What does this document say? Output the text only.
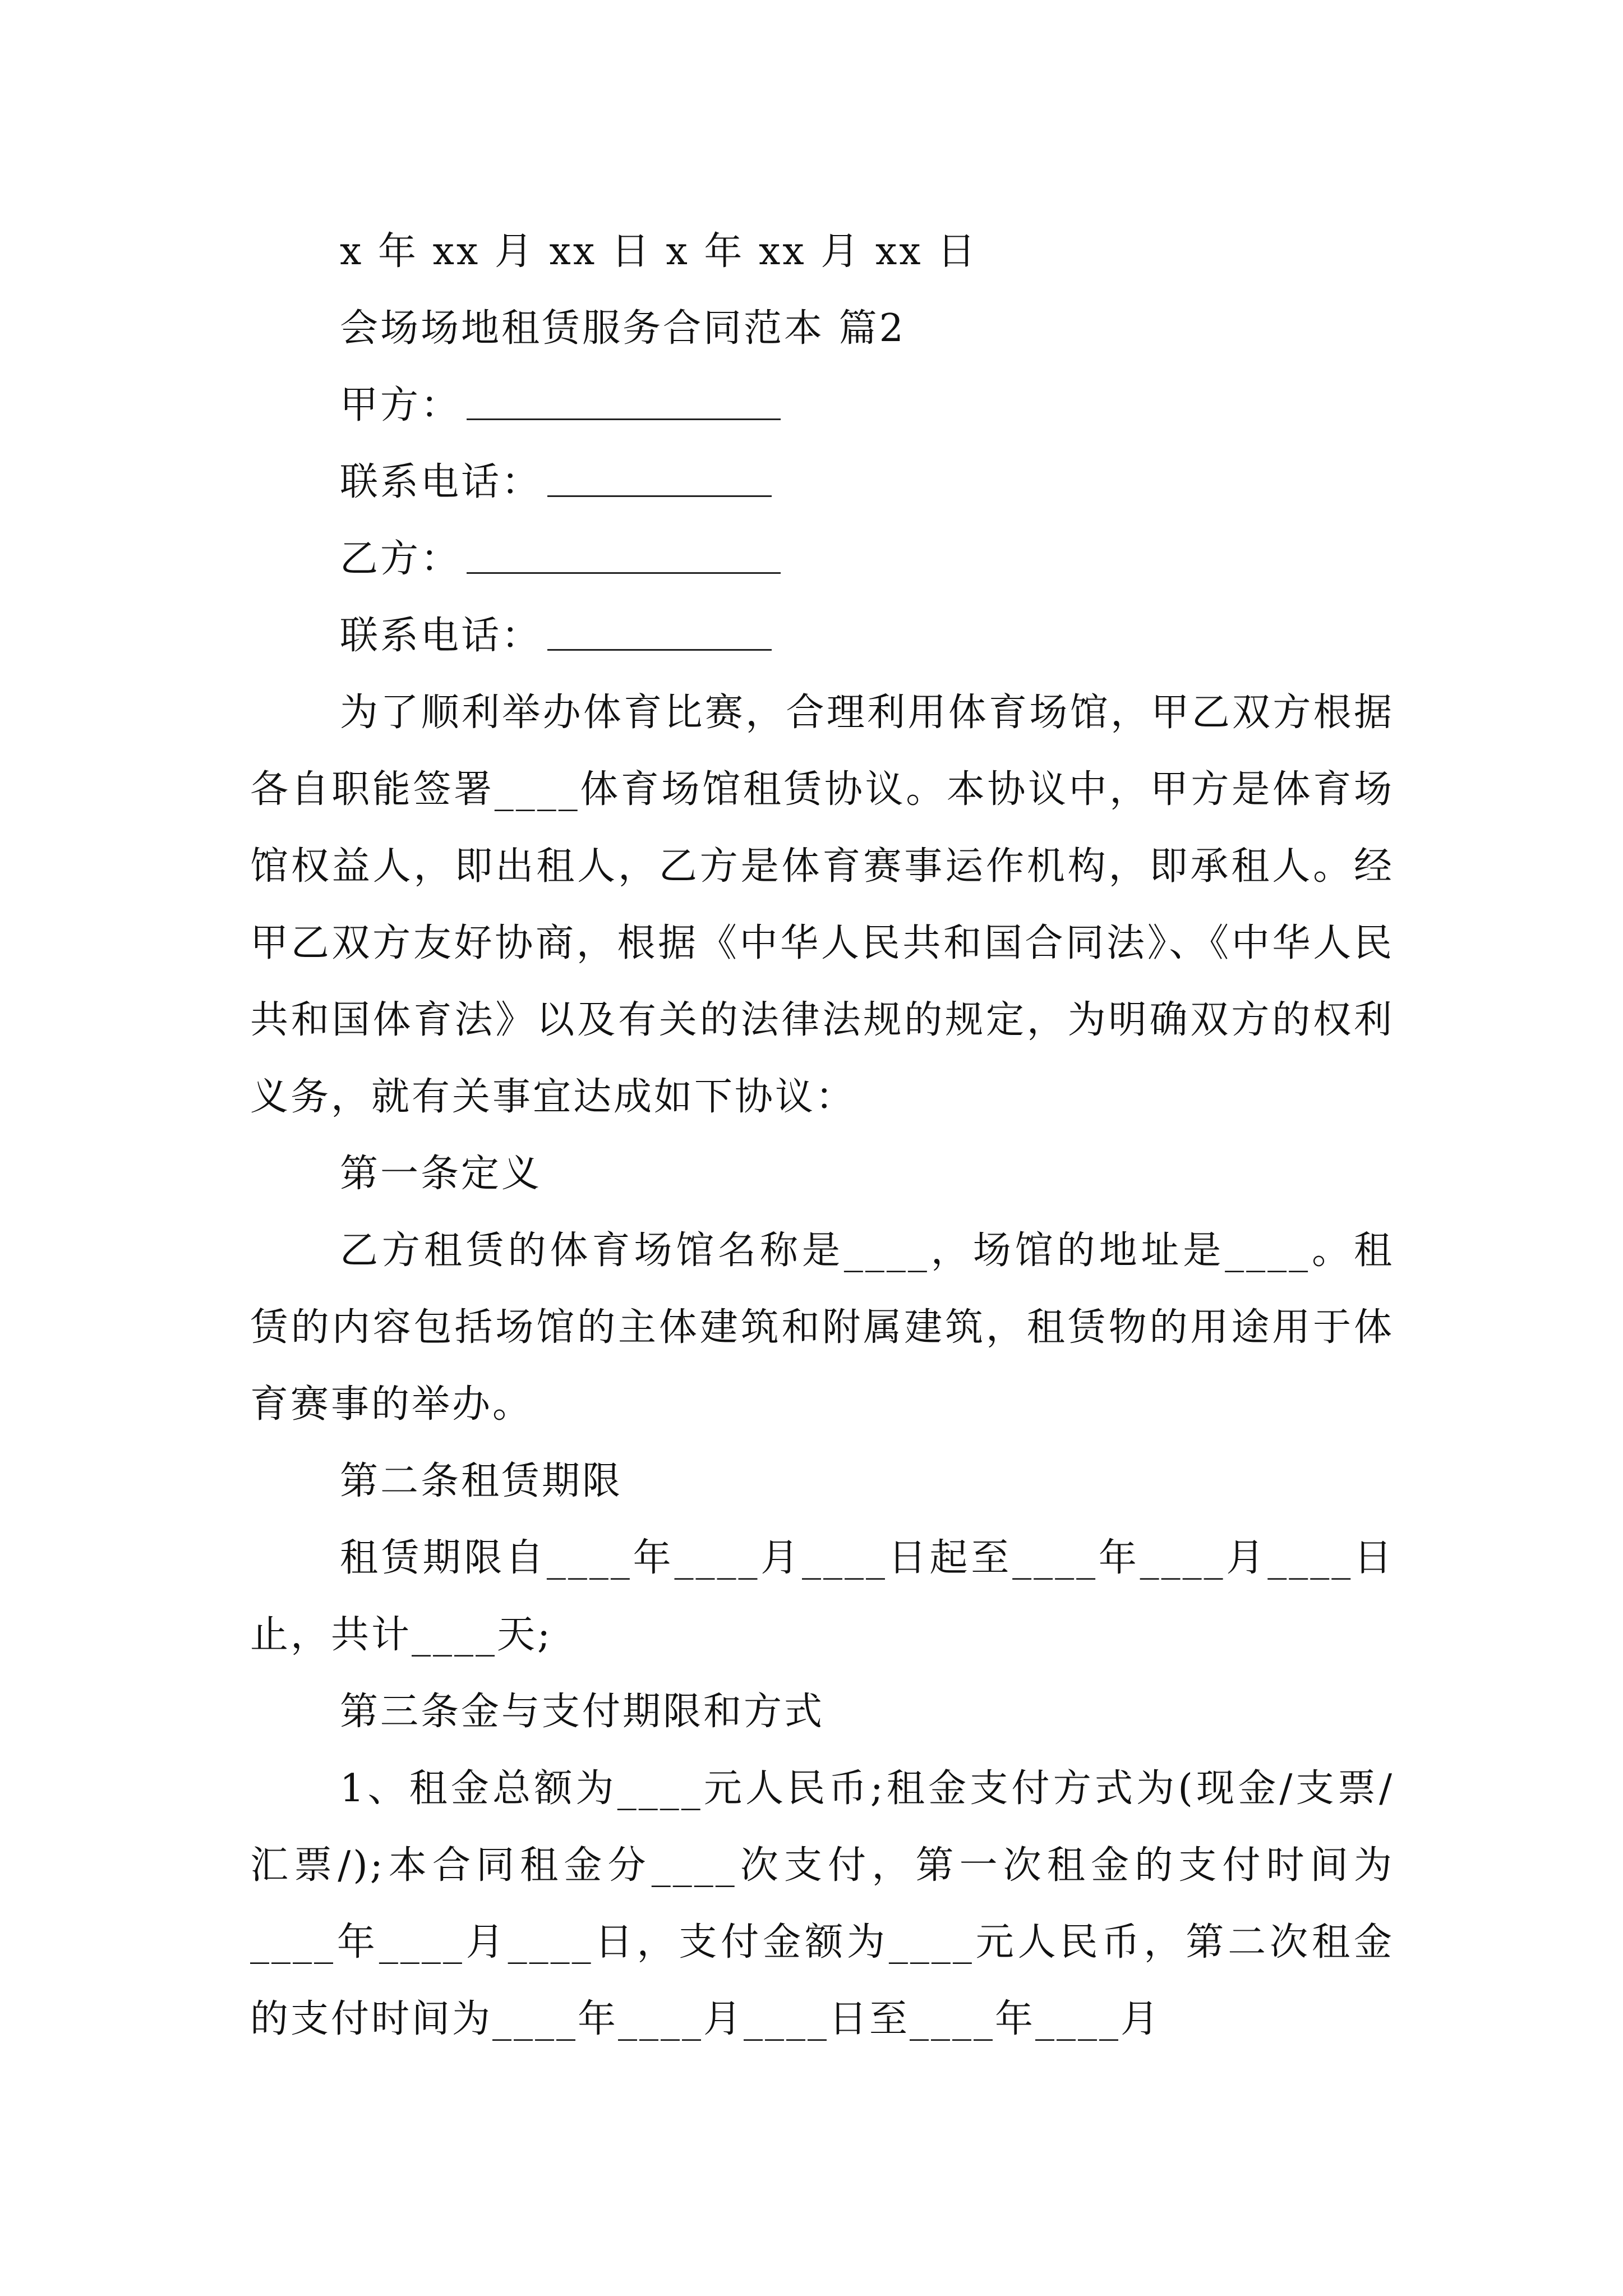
x 年 xx 月 xx 日 x 年 xx 月 xx 日
会场场地租赁服务合同范本 篇2
甲方：
联系电话：
乙方：
联系电话：

为了顺利举办体育比赛，合理利用体育场馆，甲乙双方根据各自职能签署____体育场馆租赁协议。本协议中，甲方是体育场馆权益人，即出租人，乙方是体育赛事运作机构，即承租人。经甲乙双方友好协商，根据《中华人民共和国合同法》、《中华人民共和国体育法》以及有关的法律法规的规定，为明确双方的权利义务，就有关事宜达成如下协议：

第一条定义

乙方租赁的体育场馆名称是____，场馆的地址是____。租赁的内容包括场馆的主体建筑和附属建筑，租赁物的用途用于体育赛事的举办。

第二条租赁期限

租赁期限自____年____月____日起至____年____月____日止，共计____天;

第三条金与支付期限和方式

1、租金总额为____元人民币;租金支付方式为(现金/支票/汇票/);本合同租金分____次支付，第一次租金的支付时间为____年____月____日，支付金额为____元人民币，第二次租金的支付时间为____年____月____日至____年____月
